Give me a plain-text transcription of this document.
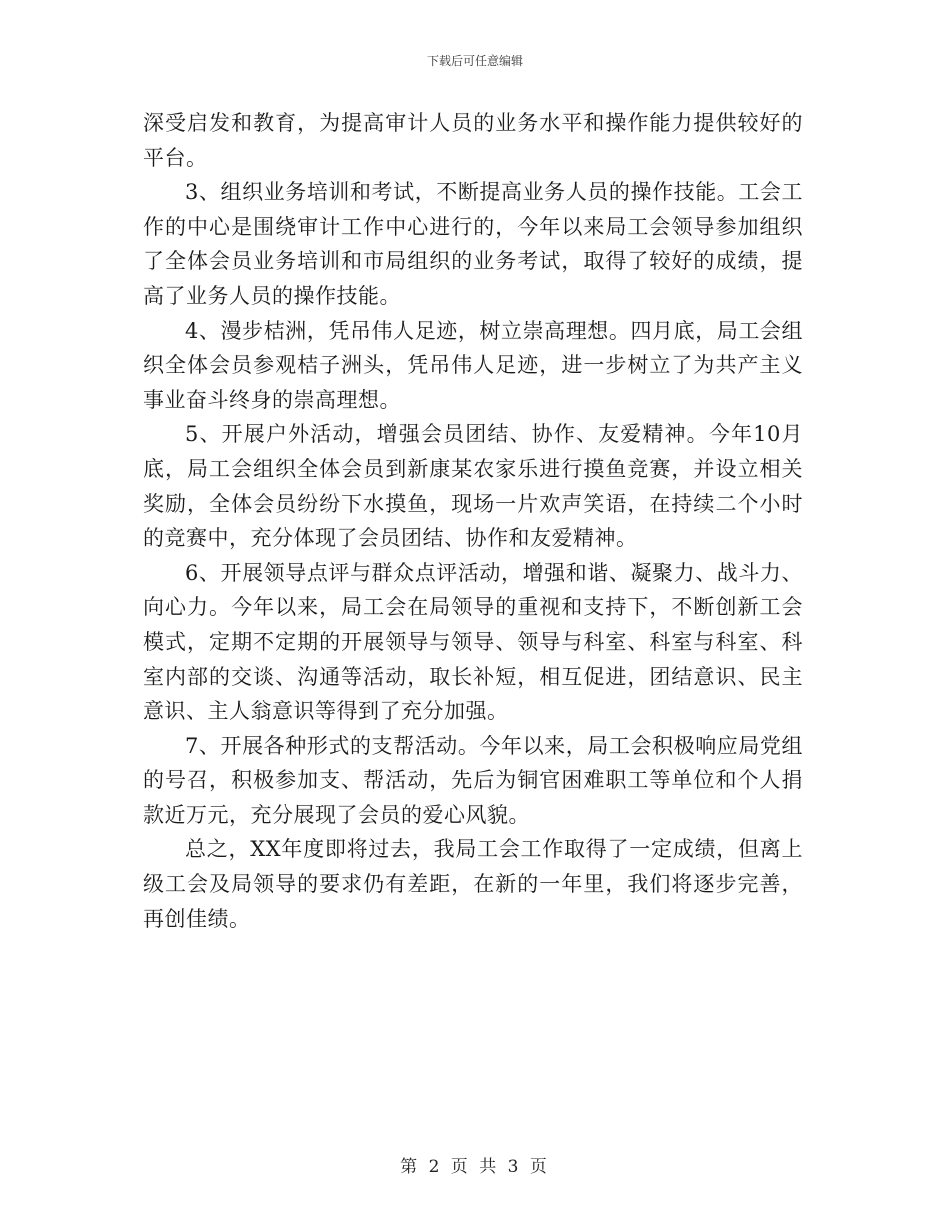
下载后可任意编辑

深受启发和教育，为提高审计人员的业务水平和操作能力提供较好的平台。

3、组织业务培训和考试，不断提高业务人员的操作技能。工会工作的中心是围绕审计工作中心进行的，今年以来局工会领导参加组织了全体会员业务培训和市局组织的业务考试，取得了较好的成绩，提高了业务人员的操作技能。

4、漫步桔洲，凭吊伟人足迹，树立崇高理想。四月底，局工会组织全体会员参观桔子洲头，凭吊伟人足迹，进一步树立了为共产主义事业奋斗终身的崇高理想。

5、开展户外活动，增强会员团结、协作、友爱精神。今年10月底，局工会组织全体会员到新康某农家乐进行摸鱼竞赛，并设立相关奖励，全体会员纷纷下水摸鱼，现场一片欢声笑语，在持续二个小时的竞赛中，充分体现了会员团结、协作和友爱精神。

6、开展领导点评与群众点评活动，增强和谐、凝聚力、战斗力、向心力。今年以来，局工会在局领导的重视和支持下，不断创新工会模式，定期不定期的开展领导与领导、领导与科室、科室与科室、科室内部的交谈、沟通等活动，取长补短，相互促进，团结意识、民主意识、主人翁意识等得到了充分加强。

7、开展各种形式的支帮活动。今年以来，局工会积极响应局党组的号召，积极参加支、帮活动，先后为铜官困难职工等单位和个人捐款近万元，充分展现了会员的爱心风貌。

总之，XX年度即将过去，我局工会工作取得了一定成绩，但离上级工会及局领导的要求仍有差距，在新的一年里，我们将逐步完善，再创佳绩。

第 2 页 共 3 页
